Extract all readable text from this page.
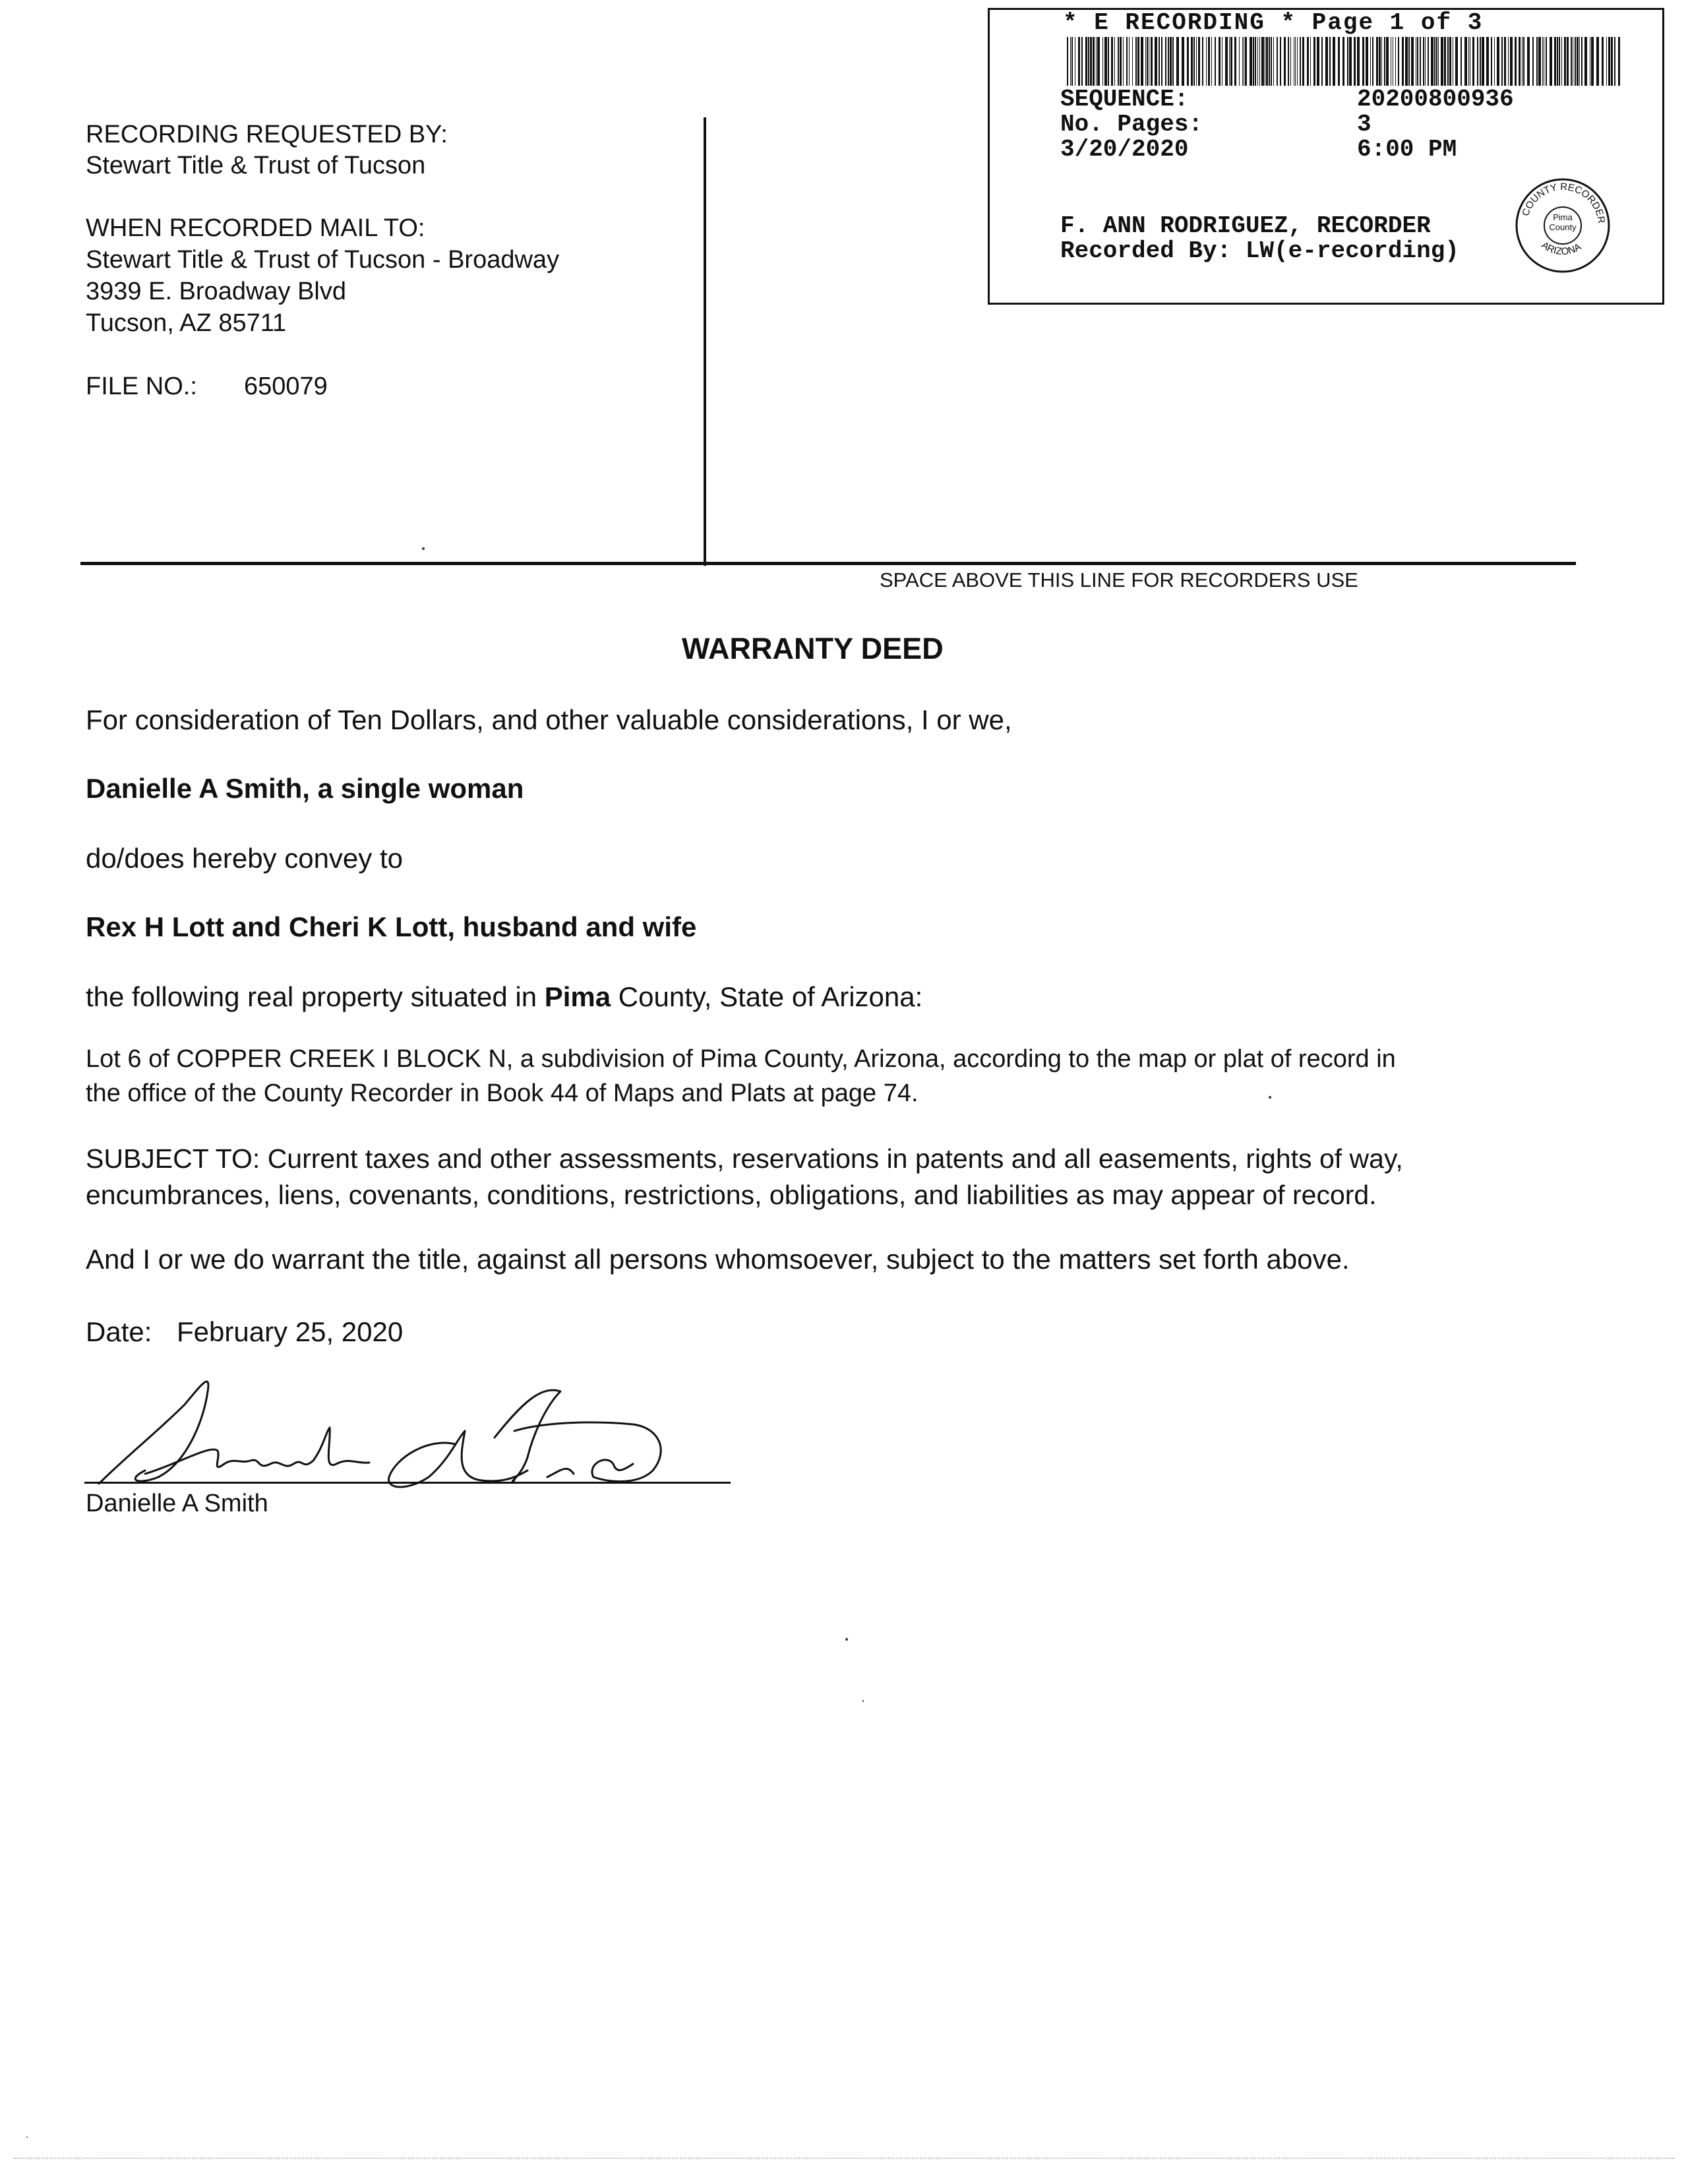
RECORDING REQUESTED BY:
Stewart Title & Trust of Tucson
WHEN RECORDED MAIL TO:
Stewart Title & Trust of Tucson - Broadway
3939 E. Broadway Blvd
Tucson, AZ 85711
FILE NO.: 650079
* E RECORDING * Page 1 of 3
SEQUENCE:	20200800936
No. Pages:	3
3/20/2020	6:00 PM
F. ANN RODRIGUEZ, RECORDER
Recorded By: LW(e-recording)
COUNTY RECORDER
ARIZONA
Pima County
SPACE ABOVE THIS LINE FOR RECORDERS USE
WARRANTY DEED
For consideration of Ten Dollars, and other valuable considerations, I or we,
Danielle A Smith, a single woman
do/does hereby convey to
Rex H Lott and Cheri K Lott, husband and wife
the following real property situated in Pima County, State of Arizona:
Lot 6 of COPPER CREEK I BLOCK N, a subdivision of Pima County, Arizona, according to the map or plat of record in
the office of the County Recorder in Book 44 of Maps and Plats at page 74.
SUBJECT TO: Current taxes and other assessments, reservations in patents and all easements, rights of way,
encumbrances, liens, covenants, conditions, restrictions, obligations, and liabilities as may appear of record.
And I or we do warrant the title, against all persons whomsoever, subject to the matters set forth above.
Date: February 25, 2020
Danielle A Smith
